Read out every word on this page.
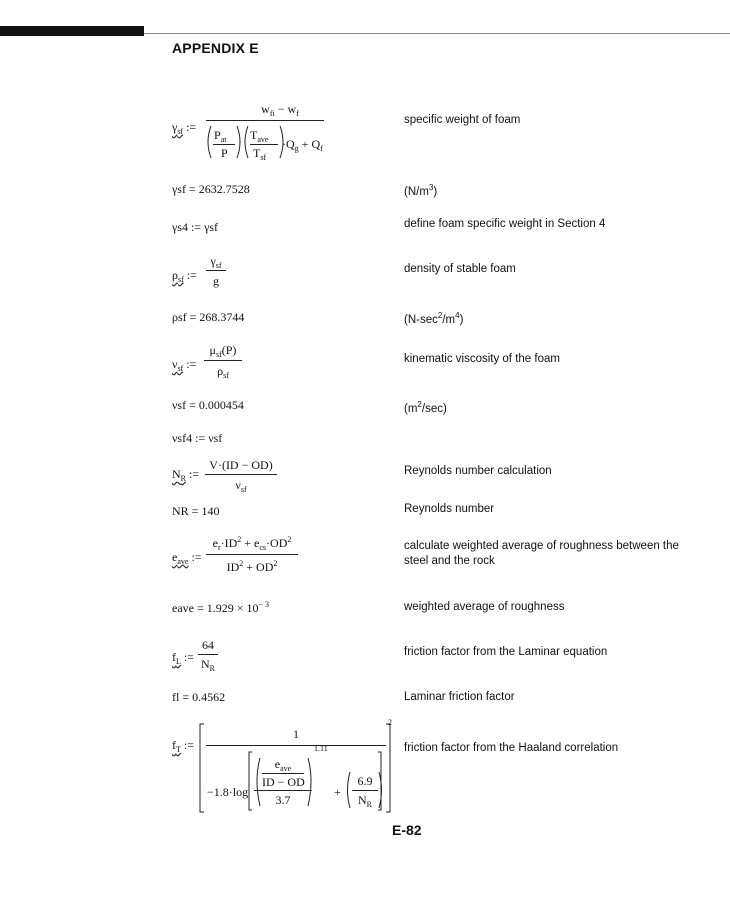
APPENDIX E
specific weight of foam
$(N/m^3)$
define foam specific weight in Section 4
density of stable foam
$(N-\sec^2/m^4)$
kinematic viscosity of the foam
$(m^2/\sec)$
Reynolds number calculation
Reynolds number
calculate weighted average of roughness between the steel and the rock
weighted average of roughness
friction factor from the Laminar equation
Laminar friction factor
friction factor from the Haaland correlation
$\gamma_{sf}$ :=
$w_{fi} - w_f$
$P_{at}$
P
$T_{ave}$
$T_{sf}$
$\cdot Q_g + Q_f$
γsf = 2632.7528
γs4 := γsf
$\rho_{sf}$ :=
$\gamma_{sf}$
g
ρsf = 268.3744
$\nu_{sf}$ :=
$\mu_{sf}(P)$
$\rho_{sf}$
νsf = 0.000454
νsf4 := νsf
$N_R$ :=
V·(ID − OD)
$\nu_{sf}$
NR = 140
$e_{ave}$ :=
$e_r\cdot ID^2 + e_{cs}\cdot OD^2$
$ID^2 + OD^2$
eave = $1.929 \times 10^{- 3}$
$f_L$ :=
64
$N_R$
fl = 0.4562
$f_T$ :=
1
−1.8·log
$e_{ave}$
ID − OD
3.7
$^{1.11}$
+
6.9
$N_R$
$^2$
E-82
